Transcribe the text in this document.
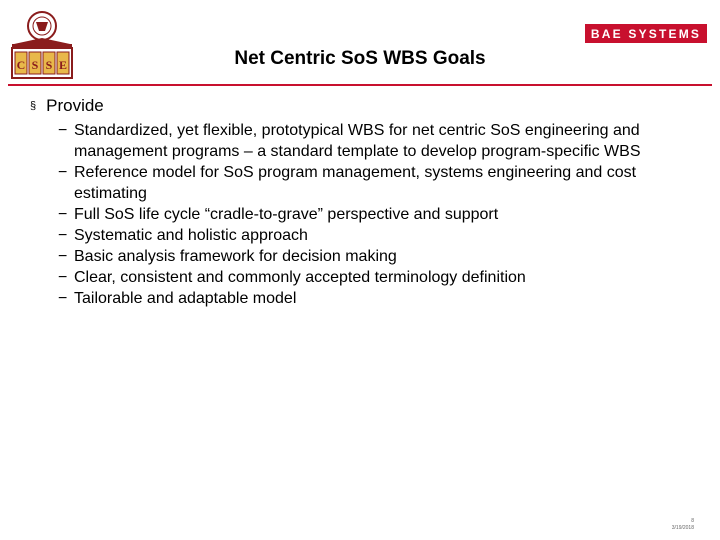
C S S E
BAE SYSTEMS
Net Centric SoS WBS Goals
§ Provide
− Standardized, yet flexible, prototypical WBS for net centric SoS engineering and management programs – a standard template to develop program-specific WBS
− Reference model for SoS program management, systems engineering and cost estimating
− Full SoS life cycle “cradle-to-grave” perspective and support
− Systematic and holistic approach
− Basic analysis framework for decision making
− Clear, consistent and commonly accepted terminology definition
− Tailorable and adaptable model
8
3/19/2018
